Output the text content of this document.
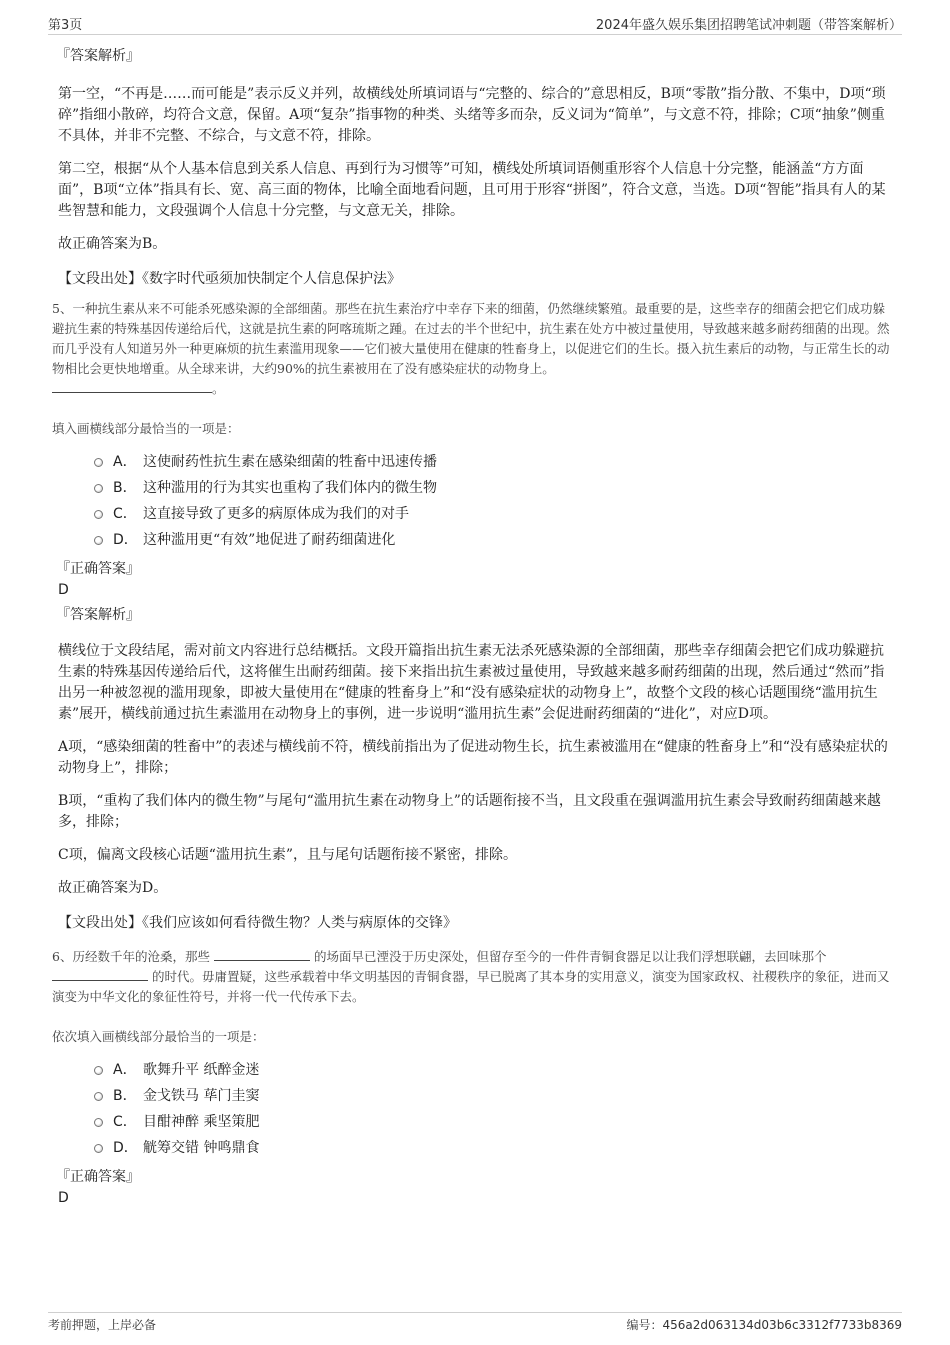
第3页	2024年盛久娱乐集团招聘笔试冲刺题（带答案解析）
『答案解析』
第一空，“不再是……而可能是”表示反义并列，故横线处所填词语与“完整的、综合的”意思相反，B项“零散”指分散、不集中，D项“琐碎”指细小散碎，均符合文意，保留。A项“复杂”指事物的种类、头绪等多而杂，反义词为“简单”，与文意不符，排除；C项“抽象”侧重不具体，并非不完整、不综合，与文意不符，排除。
第二空，根据“从个人基本信息到关系人信息、再到行为习惯等”可知，横线处所填词语侧重形容个人信息十分完整，能涵盖“方方面面”，B项“立体”指具有长、宽、高三面的物体，比喻全面地看问题，且可用于形容“拼图”，符合文意，当选。D项“智能”指具有人的某些智慧和能力，文段强调个人信息十分完整，与文意无关，排除。
故正确答案为B。
【文段出处】《数字时代亟须加快制定个人信息保护法》
5、一种抗生素从来不可能杀死感染源的全部细菌。那些在抗生素治疗中幸存下来的细菌，仍然继续繁殖。最重要的是，这些幸存的细菌会把它们成功躲避抗生素的特殊基因传递给后代，这就是抗生素的阿喀琉斯之踵。在过去的半个世纪中，抗生素在处方中被过量使用，导致越来越多耐药细菌的出现。然而几乎没有人知道另外一种更麻烦的抗生素滥用现象——它们被大量使用在健康的牲畜身上，以促进它们的生长。摄入抗生素后的动物，与正常生长的动物相比会更快地增重。从全球来讲，大约90%的抗生素被用在了没有感染症状的动物身上。
。
填入画横线部分最恰当的一项是：
A． 这使耐药性抗生素在感染细菌的牲畜中迅速传播
B． 这种滥用的行为其实也重构了我们体内的微生物
C． 这直接导致了更多的病原体成为我们的对手
D． 这种滥用更“有效”地促进了耐药细菌进化
『正确答案』
D
『答案解析』
横线位于文段结尾，需对前文内容进行总结概括。文段开篇指出抗生素无法杀死感染源的全部细菌，那些幸存细菌会把它们成功躲避抗生素的特殊基因传递给后代，这将催生出耐药细菌。接下来指出抗生素被过量使用，导致越来越多耐药细菌的出现，然后通过“然而”指出另一种被忽视的滥用现象，即被大量使用在“健康的牲畜身上”和“没有感染症状的动物身上”，故整个文段的核心话题围绕“滥用抗生素”展开，横线前通过抗生素滥用在动物身上的事例，进一步说明“滥用抗生素”会促进耐药细菌的“进化”，对应D项。
A项，“感染细菌的牲畜中”的表述与横线前不符，横线前指出为了促进动物生长，抗生素被滥用在“健康的牲畜身上”和“没有感染症状的动物身上”，排除；
B项，“重构了我们体内的微生物”与尾句“滥用抗生素在动物身上”的话题衔接不当，且文段重在强调滥用抗生素会导致耐药细菌越来越多，排除；
C项，偏离文段核心话题“滥用抗生素”，且与尾句话题衔接不紧密，排除。
故正确答案为D。
【文段出处】《我们应该如何看待微生物？人类与病原体的交锋》
6、历经数千年的沧桑，那些	的场面早已湮没于历史深处，但留存至今的一件件青铜食器足以让我们浮想联翩，去回味那个  的时代。毋庸置疑，这些承载着中华文明基因的青铜食器，早已脱离了其本身的实用意义，演变为国家政权、社稷秩序的象征，进而又演变为中华文化的象征性符号，并将一代一代传承下去。
依次填入画横线部分最恰当的一项是：
A． 歌舞升平 纸醉金迷
B． 金戈铁马 荜门圭窦
C． 目酣神醉 乘坚策肥
D． 觥筹交错 钟鸣鼎食
『正确答案』
D
考前押题，上岸必备	编号：456a2d063134d03b6c3312f7733b8369
